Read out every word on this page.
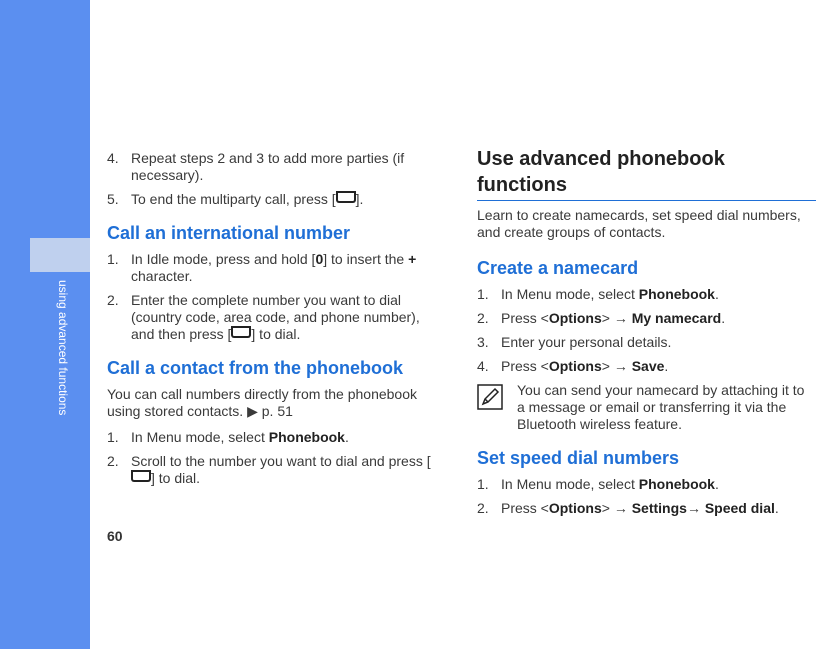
using advanced functions
60
4. Repeat steps 2 and 3 to add more parties (if necessary).
5. To end the multiparty call, press [ ].
Call an international number
1. In Idle mode, press and hold [0] to insert the + character.
2. Enter the complete number you want to dial (country code, area code, and phone number), and then press [ ] to dial.
Call a contact from the phonebook

You can call numbers directly from the phonebook using stored contacts. ▶ p. 51

1. In Menu mode, select Phonebook.
2. Scroll to the number you want to dial and press [] to dial.
Use advanced phonebook functions

Learn to create namecards, set speed dial numbers, and create groups of contacts.

Create a namecard
1. In Menu mode, select Phonebook.
2. Press <Options> → My namecard.
3. Enter your personal details.
4. Press <Options> → Save.
You can send your namecard by attaching it to a message or email or transferring it via the Bluetooth wireless feature.
Set speed dial numbers
1. In Menu mode, select Phonebook.
2. Press <Options> → Settings→ Speed dial.
